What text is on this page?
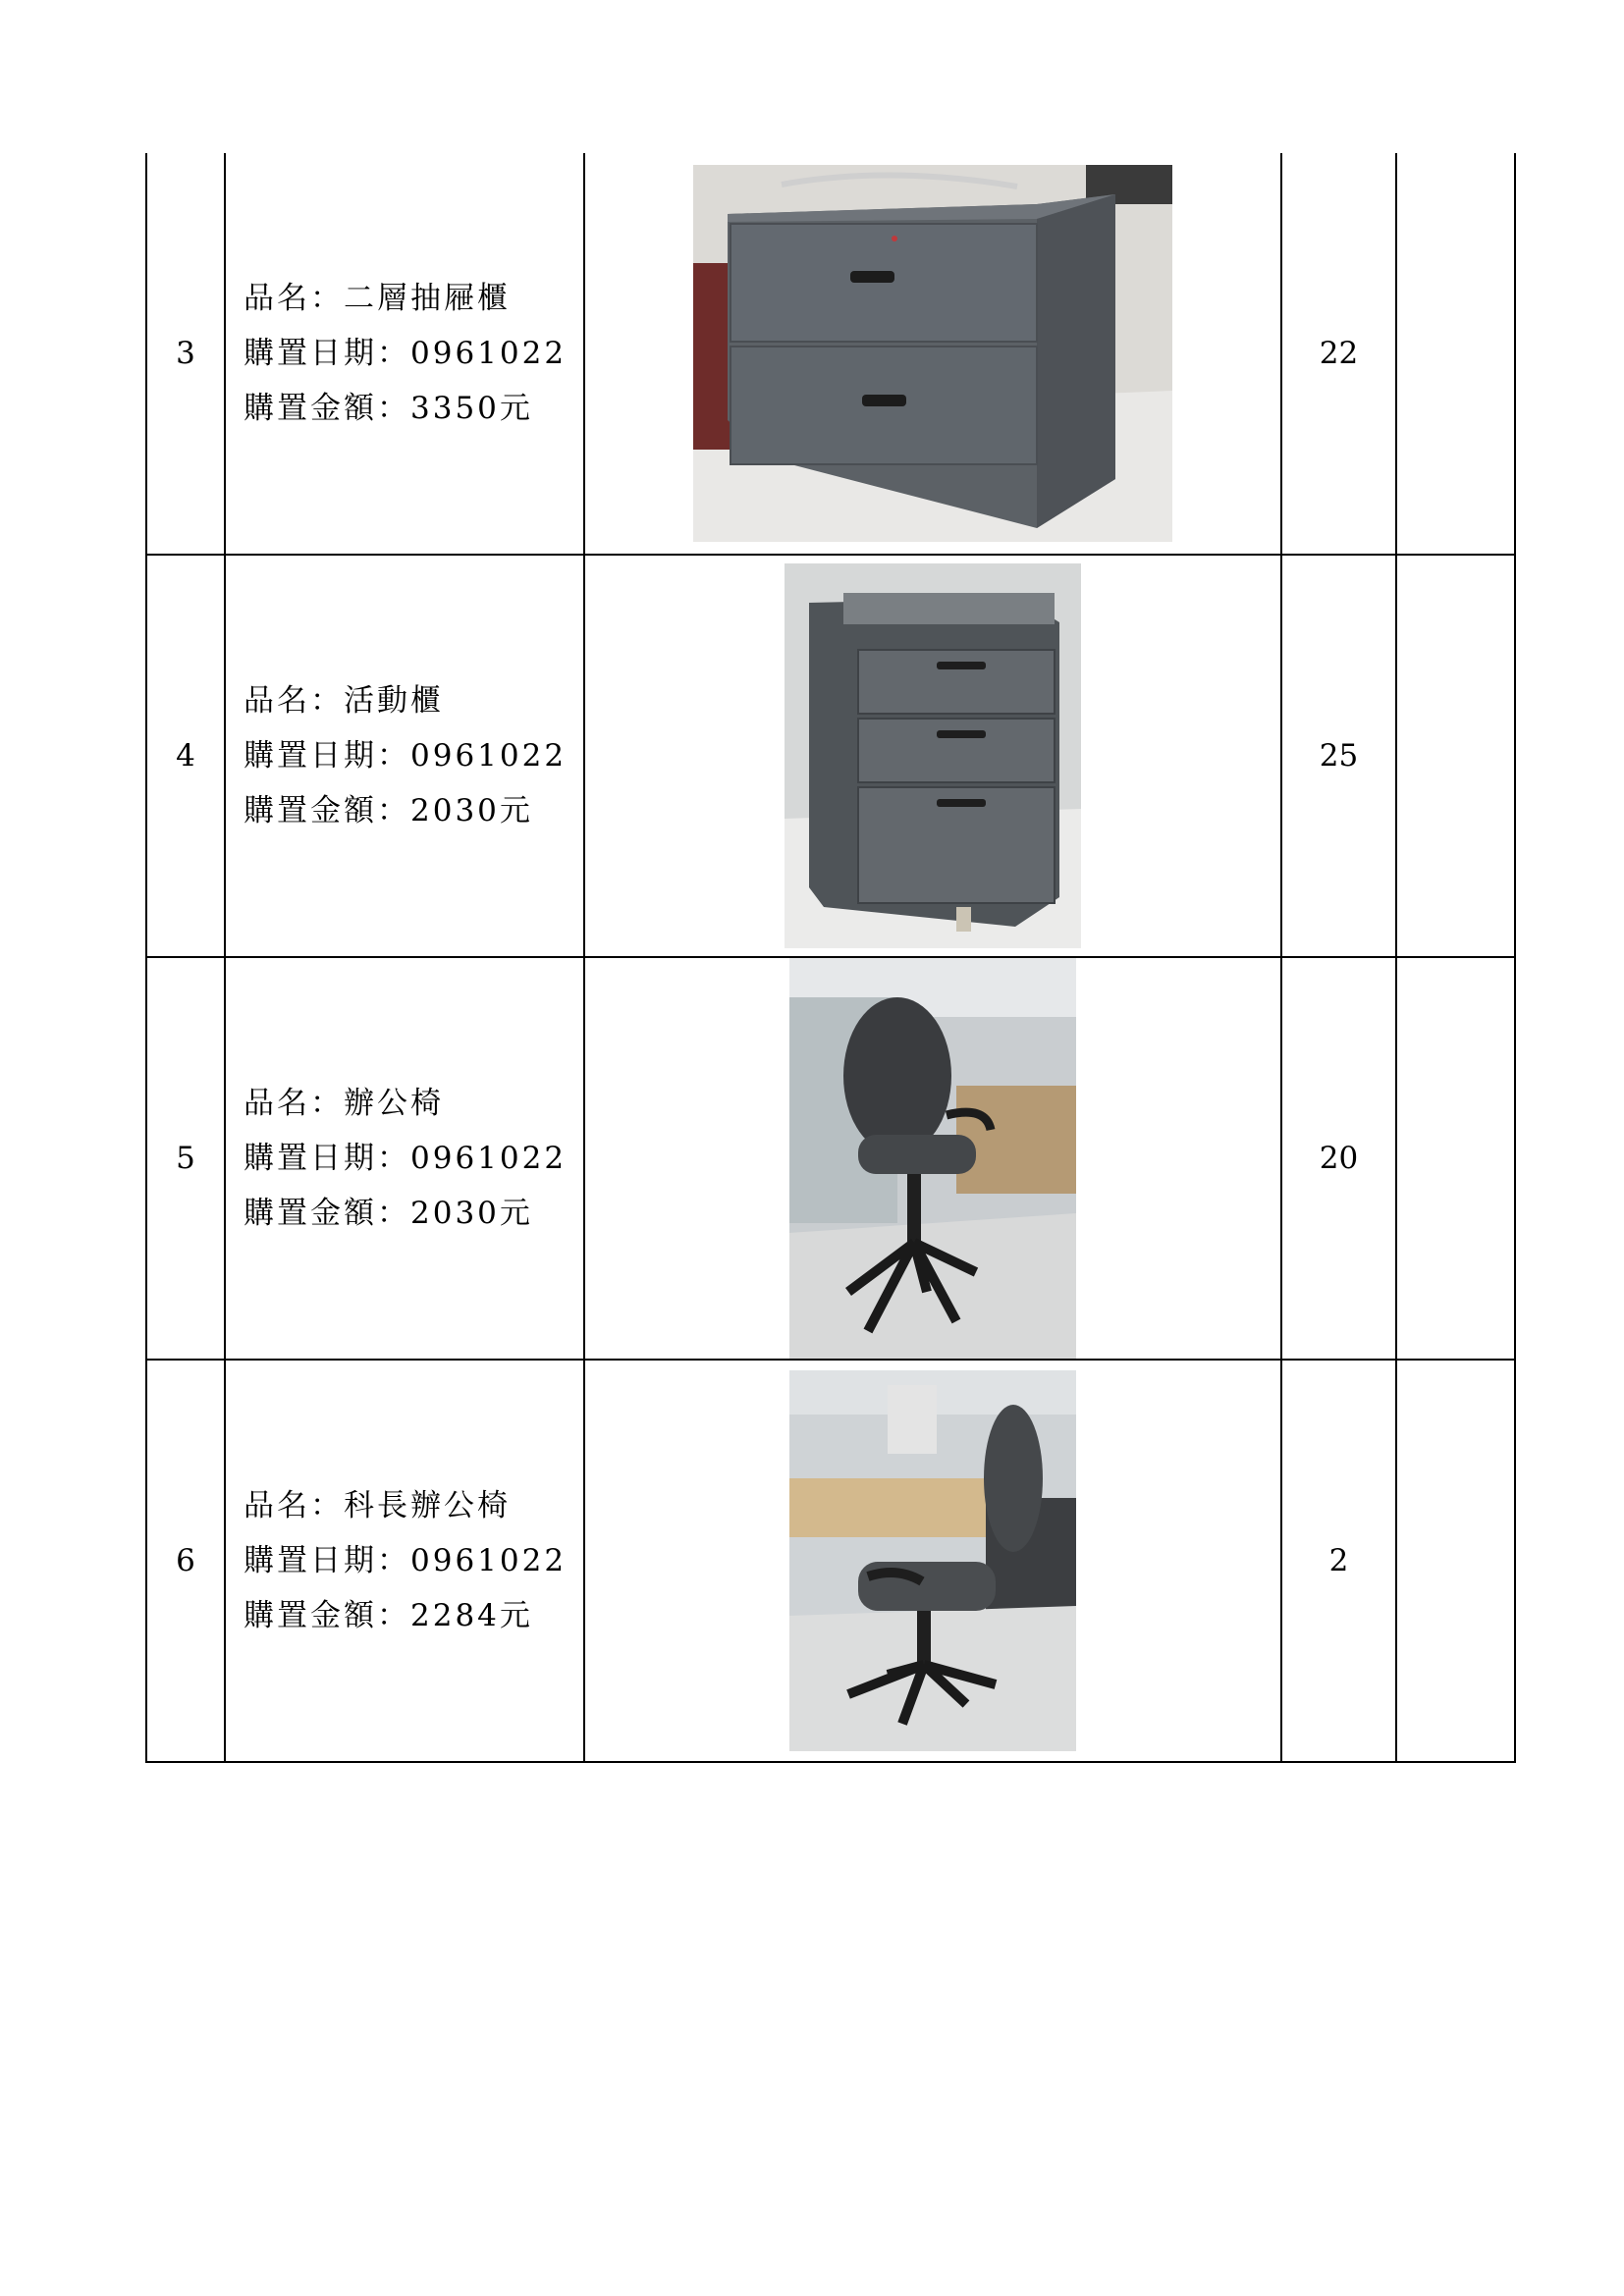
3	品名：二層抽屜櫃
購置日期：0961022
購置金額：3350元		22	
4	品名：活動櫃
購置日期：0961022
購置金額：2030元		25	
5	品名：辦公椅
購置日期：0961022
購置金額：2030元		20	
6	品名：科長辦公椅
購置日期：0961022
購置金額：2284元		2	
